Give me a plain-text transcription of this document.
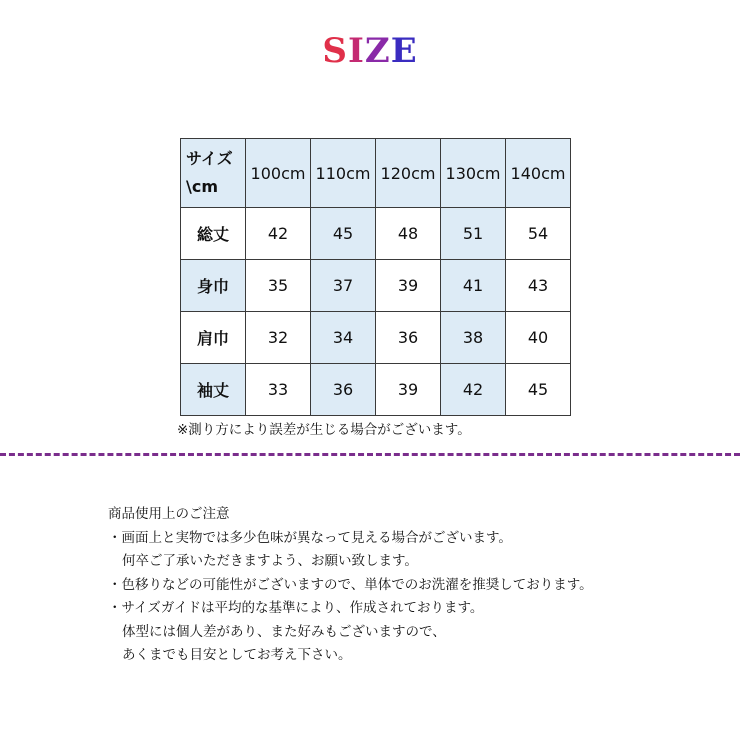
SIZE
サイズ
\cm	100cm	110cm	120cm	130cm	140cm
総丈	42	45	48	51	54
身巾	35	37	39	41	43
肩巾	32	34	36	38	40
袖丈	33	36	39	42	45
※測り方により誤差が生じる場合がございます。
商品使用上のご注意
・画面上と実物では多少色味が異なって見える場合がございます。
何卒ご了承いただきますよう、お願い致します。
・色移りなどの可能性がございますので、単体でのお洗濯を推奨しております。
・サイズガイドは平均的な基準により、作成されております。
体型には個人差があり、また好みもございますので、
あくまでも目安としてお考え下さい。
